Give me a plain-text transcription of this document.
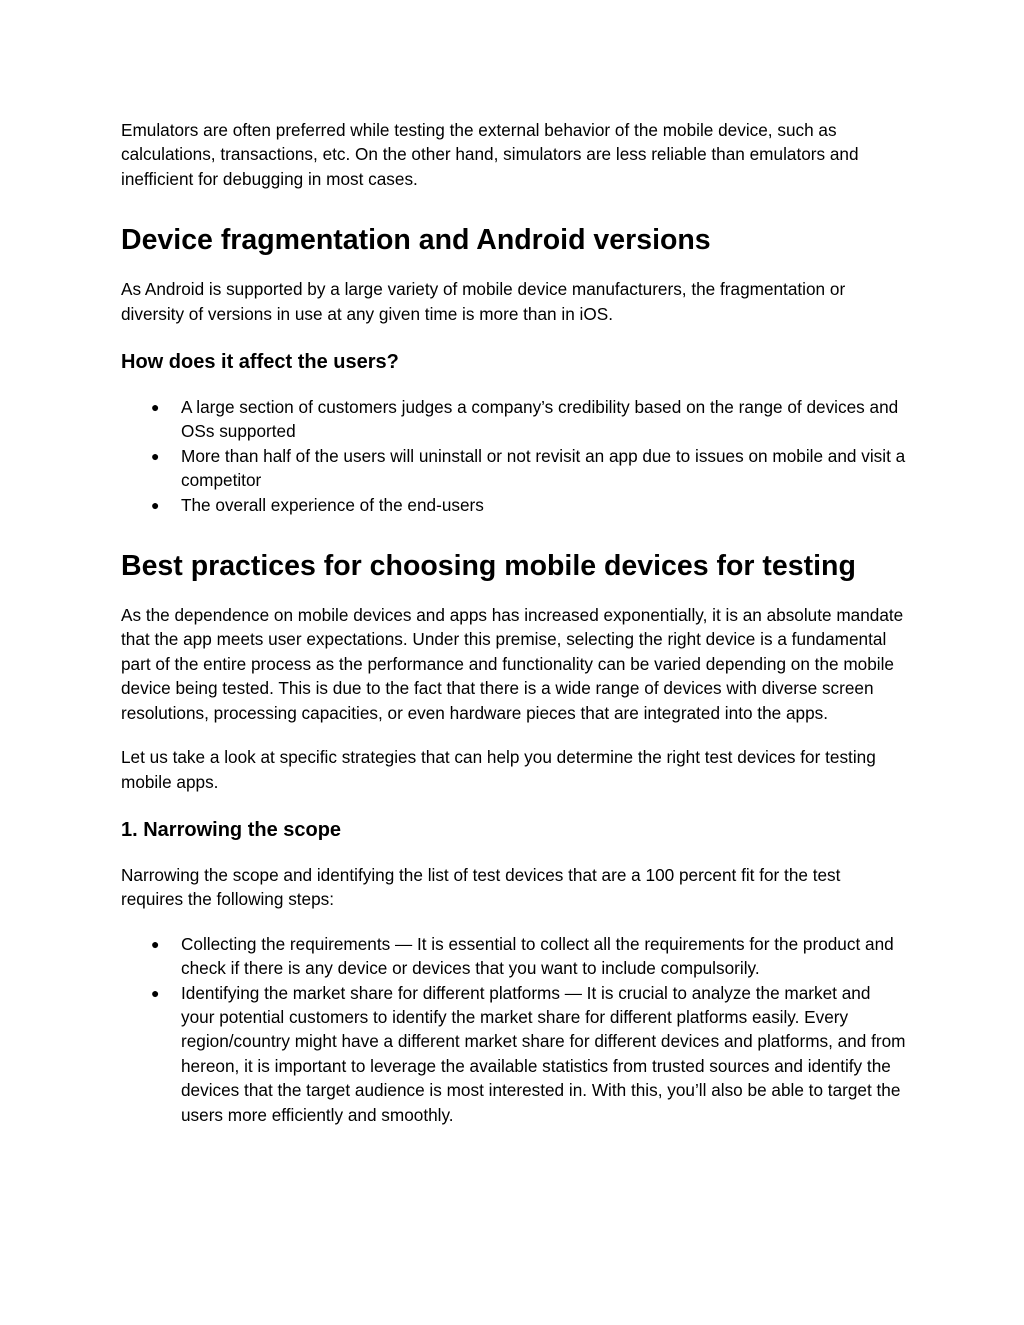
Emulators are often preferred while testing the external behavior of the mobile device, such as calculations, transactions, etc. On the other hand, simulators are less reliable than emulators and inefficient for debugging in most cases.

Device fragmentation and Android versions

As Android is supported by a large variety of mobile device manufacturers, the fragmentation or diversity of versions in use at any given time is more than in iOS.

How does it affect the users?
● A large section of customers judges a company’s credibility based on the range of devices and OSs supported
● More than half of the users will uninstall or not revisit an app due to issues on mobile and visit a competitor
● The overall experience of the end-users
Best practices for choosing mobile devices for testing

As the dependence on mobile devices and apps has increased exponentially, it is an absolute mandate that the app meets user expectations. Under this premise, selecting the right device is a fundamental part of the entire process as the performance and functionality can be varied depending on the mobile device being tested. This is due to the fact that there is a wide range of devices with diverse screen resolutions, processing capacities, or even hardware pieces that are integrated into the apps.

Let us take a look at specific strategies that can help you determine the right test devices for testing mobile apps.

1. Narrowing the scope

Narrowing the scope and identifying the list of test devices that are a 100 percent fit for the test requires the following steps:

● Collecting the requirements — It is essential to collect all the requirements for the product and check if there is any device or devices that you want to include compulsorily.
● Identifying the market share for different platforms — It is crucial to analyze the market and your potential customers to identify the market share for different platforms easily. Every region/country might have a different market share for different devices and platforms, and from hereon, it is important to leverage the available statistics from trusted sources and identify the devices that the target audience is most interested in. With this, you’ll also be able to target the users more efficiently and smoothly.
